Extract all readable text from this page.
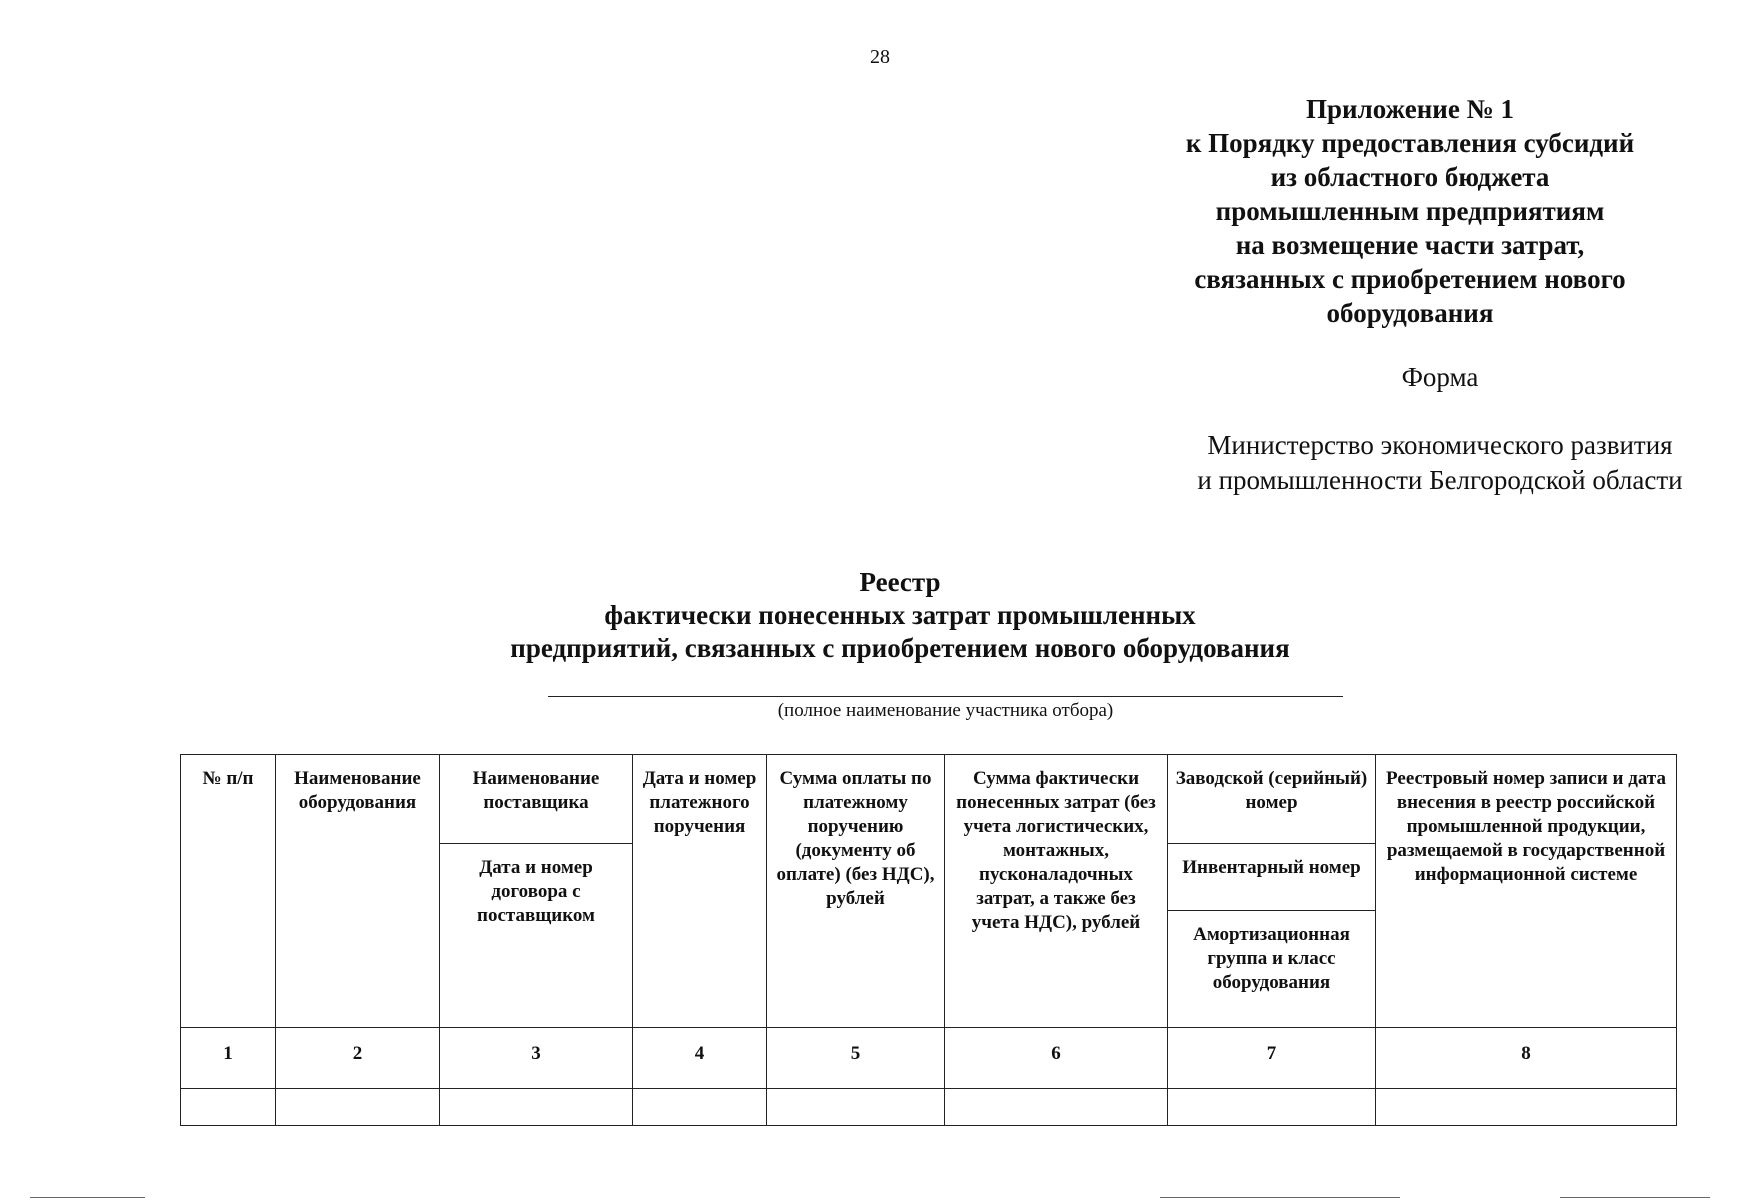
28
Приложение № 1
к Порядку предоставления субсидий
из областного бюджета
промышленным предприятиям
на возмещение части затрат,
связанных с приобретением нового
оборудования
Форма
Министерство экономического развития
и промышленности Белгородской области
Реестр
фактически понесенных затрат промышленных
предприятий, связанных с приобретением нового оборудования
(полное наименование участника отбора)
№ п/п	Наименование оборудования	Наименование поставщика	Дата и номер платежного поручения	Сумма оплаты по платежному поручению (документу об оплате) (без НДС), рублей	Сумма фактически понесенных затрат (без учета логистических, монтажных, пусконаладочных затрат, а также без учета НДС), рублей	Заводской (серийный) номер	Реестровый номер записи и дата внесения в реестр российской промышленной продукции, размещаемой в государственной информационной системе
		Дата и номер договора с поставщиком				Инвентарный номер	
						Амортизационная группа и класс оборудования	
1	2	3	4	5	6	7	8
